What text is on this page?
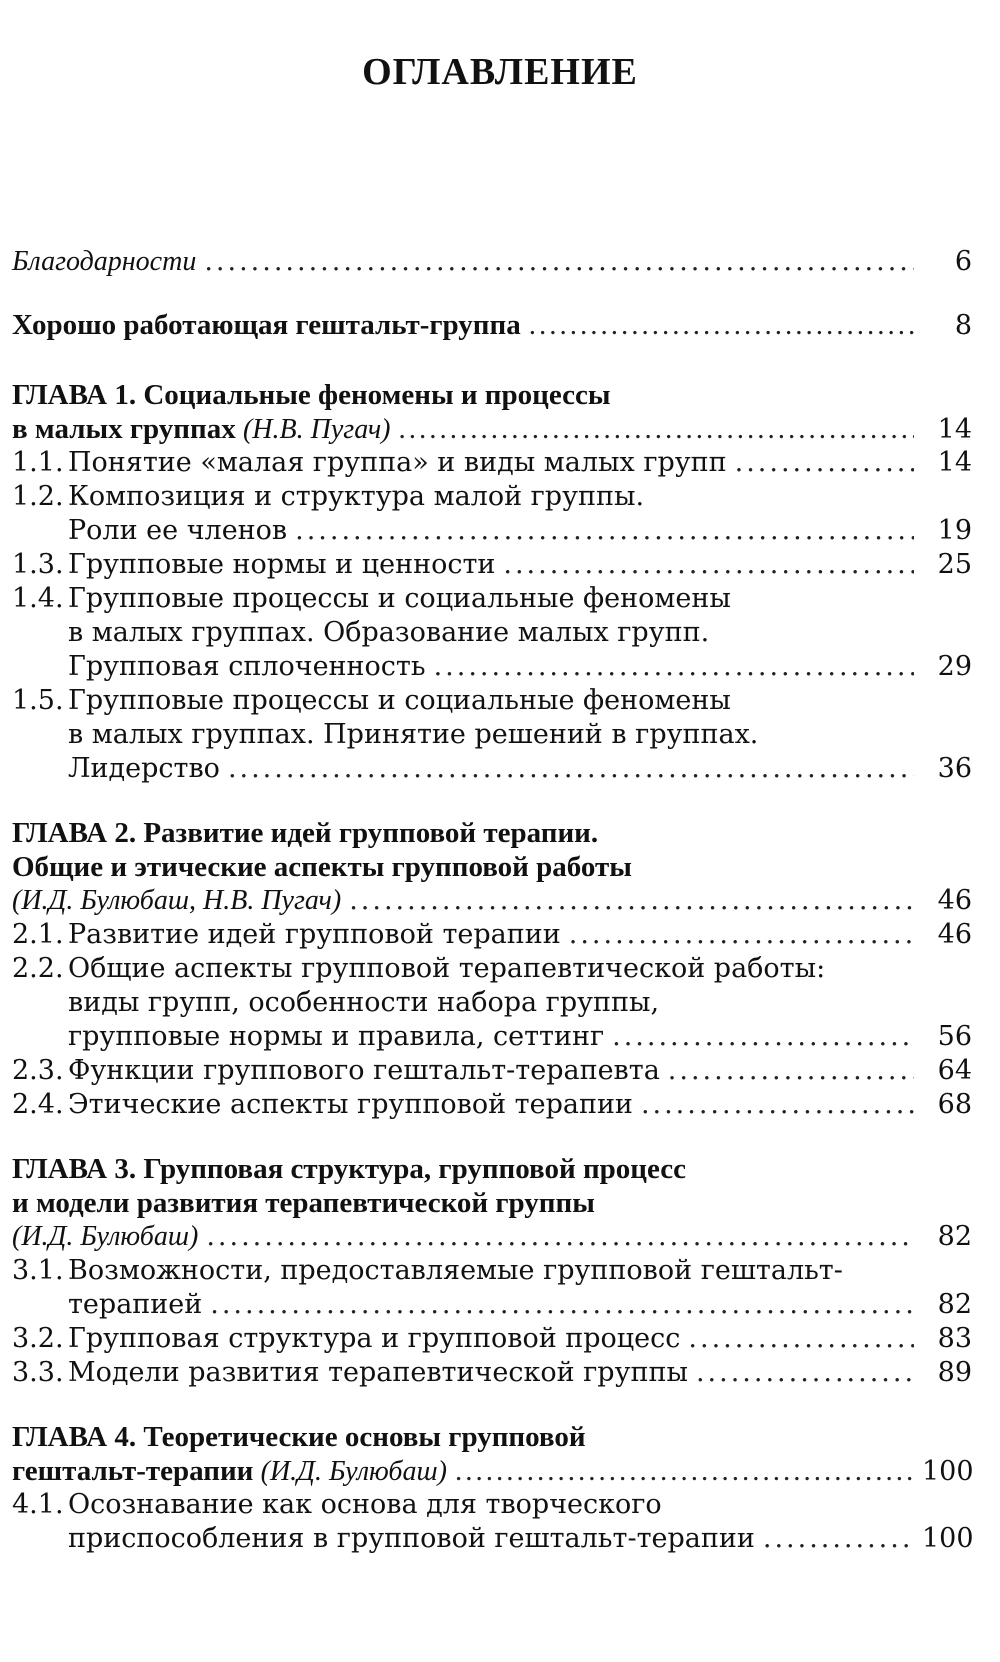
ОГЛАВЛЕНИЕ
Благодарности .....	6
Хорошо работающая гештальт-группа .....	8
ГЛАВА 1. Социальные феномены и процессы
в малых группах (Н.В. Пугач) .....	14
1.1. Понятие «малая группа» и виды малых групп .....	14
1.2. Композиция и структура малой группы.
Роли ее членов .....	19
1.3. Групповые нормы и ценности .....	25
1.4. Групповые процессы и социальные феномены
в малых группах. Образование малых групп.
Групповая сплоченность .....	29
1.5. Групповые процессы и социальные феномены
в малых группах. Принятие решений в группах.
Лидерство .....	36
ГЛАВА 2. Развитие идей групповой терапии.
Общие и этические аспекты групповой работы
(И.Д. Булюбаш, Н.В. Пугач) .....	46
2.1. Развитие идей групповой терапии .....	46
2.2. Общие аспекты групповой терапевтической работы:
виды групп, особенности набора группы,
групповые нормы и правила, сеттинг .....	56
2.3. Функции группового гештальт-терапевта .....	64
2.4. Этические аспекты групповой терапии .....	68
ГЛАВА 3. Групповая структура, групповой процесс
и модели развития терапевтической группы
(И.Д. Булюбаш) .....	82
3.1. Возможности, предоставляемые групповой гештальт-
терапией .....	82
3.2. Групповая структура и групповой процесс .....	83
3.3. Модели развития терапевтической группы .....	89
ГЛАВА 4. Теоретические основы групповой
гештальт-терапии (И.Д. Булюбаш) .....	100
4.1. Осознавание как основа для творческого
приспособления в групповой гештальт-терапии .....	100
